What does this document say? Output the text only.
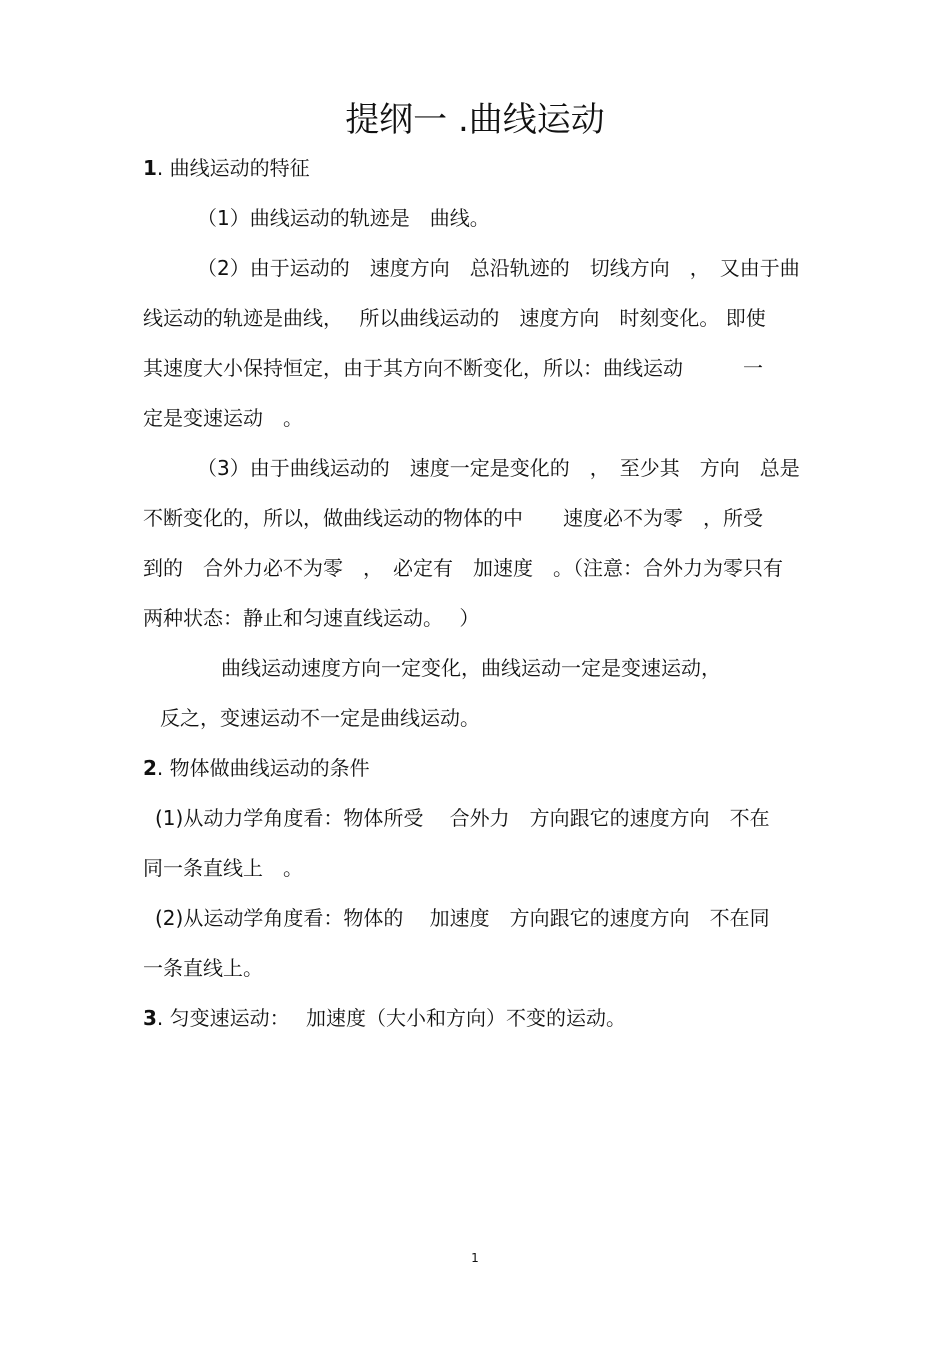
提纲一 .曲线运动

1. 曲线运动的特征

（1）曲线运动的轨迹是　曲线。

（2）由于运动的　速度方向　总沿轨迹的　切线方向　，　又由于曲

线运动的轨迹是曲线，　 所以曲线运动的　速度方向　时刻变化。 即使

其速度大小保持恒定，由于其方向不断变化，所以：曲线运动　　　一

定是变速运动　。

（3）由于曲线运动的　速度一定是变化的　，　至少其　方向　总是

不断变化的，所以，做曲线运动的物体的中　　速度必不为零　，所受

到的　合外力必不为零　，　必定有　加速度　。（注意：合外力为零只有

两种状态：静止和匀速直线运动。　 ）

曲线运动速度方向一定变化，曲线运动一定是变速运动，

反之，变速运动不一定是曲线运动。

2. 物体做曲线运动的条件

(1)从动力学角度看：物体所受　 合外力　方向跟它的速度方向　不在

同一条直线上　。

(2)从运动学角度看：物体的　 加速度　方向跟它的速度方向　不在同

一条直线上。

3. 匀变速运动：　 加速度（大小和方向）不变的运动。

1
